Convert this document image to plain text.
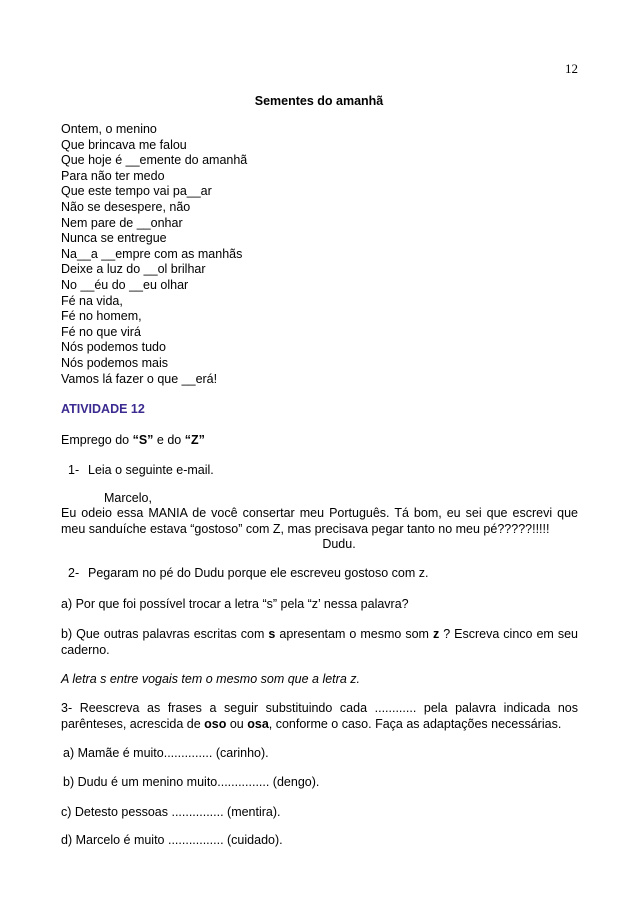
12
Sementes do amanhã
Ontem, o menino
Que brincava me falou
Que hoje é __emente do amanhã
Para não ter medo
Que este tempo vai pa__ar
Não se desespere, não
Nem pare de __onhar
Nunca se entregue
Na__a __empre com as manhãs
Deixe a luz do __ol brilhar
No __éu do __eu olhar
Fé na vida,
Fé no homem,
Fé no que virá
Nós podemos tudo
Nós podemos mais
Vamos lá fazer o que __erá!
ATIVIDADE 12
Emprego do “S” e do “Z”
1- Leia o seguinte e-mail.
Marcelo,
Eu odeio essa MANIA de você consertar meu Português. Tá bom, eu sei que escrevi que meu sanduíche estava “gostoso” com Z, mas precisava pegar tanto no meu pé?????!!!!!
Dudu.
2- Pegaram no pé do Dudu porque ele escreveu gostoso com z.
a) Por que foi possível trocar a letra “s” pela “z’ nessa palavra?
b) Que outras palavras escritas com s apresentam o mesmo som z ? Escreva cinco em seu caderno.
A letra s entre vogais tem o mesmo som que a letra z.
3- Reescreva as frases a seguir substituindo cada ............ pela palavra indicada nos parênteses, acrescida de oso ou osa, conforme o caso. Faça as adaptações necessárias.
a) Mamãe é muito.............. (carinho).
b) Dudu é um menino muito............... (dengo).
c) Detesto pessoas ............... (mentira).
d) Marcelo é muito ................ (cuidado).
